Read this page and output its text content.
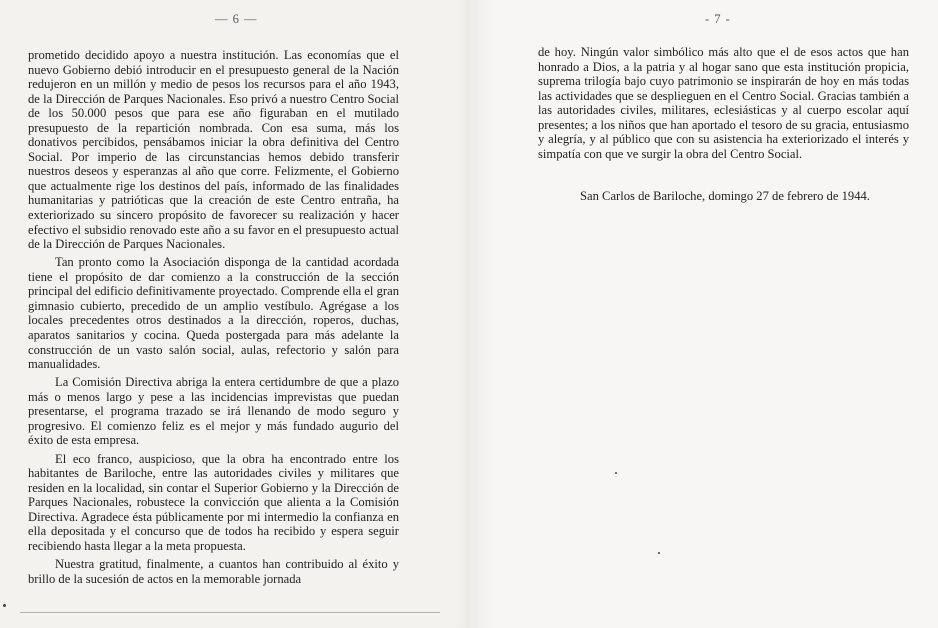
— 6 —	- 7 -

prometido decidido apoyo a nuestra institución. Las economías que el nuevo Gobierno debió introducir en el presupuesto general de la Nación redujeron en un millón y medio de pesos los recursos para el año 1943, de la Dirección de Parques Nacionales. Eso privó a nuestro Centro Social de los 50.000 pesos que para ese año figuraban en el mutilado presupuesto de la repartición nombrada. Con esa suma, más los donativos percibidos, pensábamos iniciar la obra definitiva del Centro Social. Por imperio de las circunstancias hemos debido transferir nuestros deseos y esperanzas al año que corre. Felizmente, el Gobierno que actualmente rige los destinos del país, informado de las finalidades humanitarias y patrióticas que la creación de este Centro entraña, ha exteriorizado su sincero propósito de favorecer su realización y hacer efectivo el subsidio renovado este año a su favor en el presupuesto actual de la Dirección de Parques Nacionales.

Tan pronto como la Asociación disponga de la cantidad acordada tiene el propósito de dar comienzo a la construcción de la sección principal del edificio definitivamente proyectado. Comprende ella el gran gimnasio cubierto, precedido de un amplio vestíbulo. Agrégase a los locales precedentes otros destinados a la dirección, roperos, duchas, aparatos sanitarios y cocina. Queda postergada para más adelante la construcción de un vasto salón social, aulas, refectorio y salón para manualidades.

La Comisión Directiva abriga la entera certidumbre de que a plazo más o menos largo y pese a las incidencias imprevistas que puedan presentarse, el programa trazado se irá llenando de modo seguro y progresivo. El comienzo feliz es el mejor y más fundado augurio del éxito de esta empresa.

El eco franco, auspicioso, que la obra ha encontrado entre los habitantes de Bariloche, entre las autoridades civiles y militares que residen en la localidad, sin contar el Superior Gobierno y la Dirección de Parques Nacionales, robustece la convicción que alienta a la Comisión Directiva. Agradece ésta públicamente por mi intermedio la confianza en ella depositada y el concurso que de todos ha recibido y espera seguir recibiendo hasta llegar a la meta propuesta.

Nuestra gratitud, finalmente, a cuantos han contribuido al éxito y brillo de la sucesión de actos en la memorable jornada

de hoy. Ningún valor simbólico más alto que el de esos actos que han honrado a Dios, a la patria y al hogar sano que esta institución propicia, suprema trilogía bajo cuyo patrimonio se inspirarán de hoy en más todas las actividades que se desplieguen en el Centro Social. Gracias también a las autoridades civiles, militares, eclesiásticas y al cuerpo escolar aquí presentes; a los niños que han aportado el tesoro de su gracia, entusiasmo y alegría, y al público que con su asistencia ha exteriorizado el interés y simpatía con que ve surgir la obra del Centro Social.

San Carlos de Bariloche, domingo 27 de febrero de 1944.
